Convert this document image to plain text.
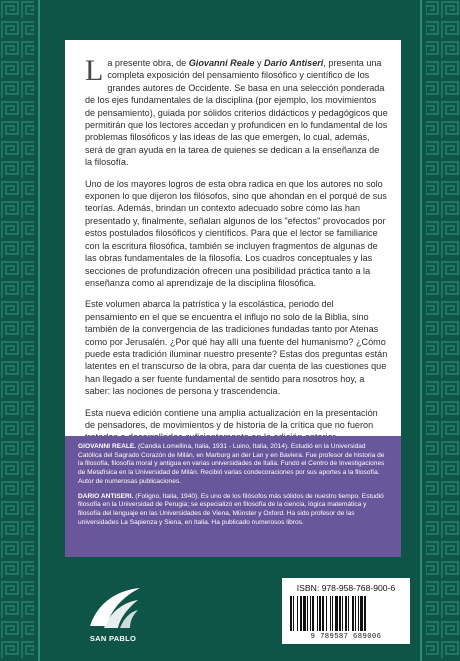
La presente obra, de Giovanni Reale y Dario Antiseri, presenta una completa exposición del pensamiento filosófico y científico de los grandes autores de Occidente. Se basa en una selección ponderada de los ejes fundamentales de la disciplina (por ejemplo, los movimientos de pensamiento), guiada por sólidos criterios didácticos y pedagógicos que permitirán que los lectores accedan y profundicen en lo fundamental de los problemas filosóficos y las ideas de las que emergen, lo cual, además, será de gran ayuda en la tarea de quienes se dedican a la enseñanza de la filosofía.

Uno de los mayores logros de esta obra radica en que los autores no solo exponen lo que dijeron los filósofos, sino que ahondan en el porqué de sus teorías. Además, brindan un contexto adecuado sobre cómo las han presentado y, finalmente, señalan algunos de los "efectos" provocados por estos postulados filosóficos y científicos. Para que el lector se familiarice con la escritura filosófica, también se incluyen fragmentos de algunas de las obras fundamentales de la filosofía. Los cuadros conceptuales y las secciones de profundización ofrecen una posibilidad práctica tanto a la enseñanza como al aprendizaje de la disciplina filosófica.

Este volumen abarca la patrística y la escolástica, periodo del pensamiento en el que se encuentra el influjo no solo de la Biblia, sino también de la convergencia de las tradiciones fundadas tanto por Atenas como por Jerusalén. ¿Por qué hay allí una fuente del humanismo? ¿Cómo puede esta tradición iluminar nuestro presente? Estas dos preguntas están latentes en el transcurso de la obra, para dar cuenta de las cuestiones que han llegado a ser fuente fundamental de sentido para nosotros hoy, a saber: las nociones de persona y trascendencia.

Esta nueva edición contiene una amplia actualización en la presentación de pensadores, de movimientos y de historia de la crítica que no fueron

GIOVANNI REALE. (Candia Lomellina, Italia, 1931 - Luino, Italia, 2014). Estudió en la Universidad Católica del Sagrado Corazón de Milán, en Marburg an der Lan y en Baviera. Fue profesor de historia de la filosofía, filosofía moral y antigua en varias universidades de Italia. Fundó el Centro de Investigaciones de Metafísica en la Universidad de Milán. Recibió varias condecoraciones por sus aportes a la filosofía. Autor de numerosas publicaciones.

DARIO ANTISERI. (Foligno, Italia, 1940). Es uno de los filósofos más sólidos de nuestro tiempo. Estudió filosofía en la Universidad de Perugia; se especializó en filosofía de la ciencia, lógica matemática y filosofía del lenguaje en las Universidades de Viena, Münster y Oxford. Ha sido profesor de las universidades La Sapienza y Siena, en Italia. Ha publicado numerosos libros.

SAN PABLO
ISBN: 978-958-768-900-6
9 789587 689006
